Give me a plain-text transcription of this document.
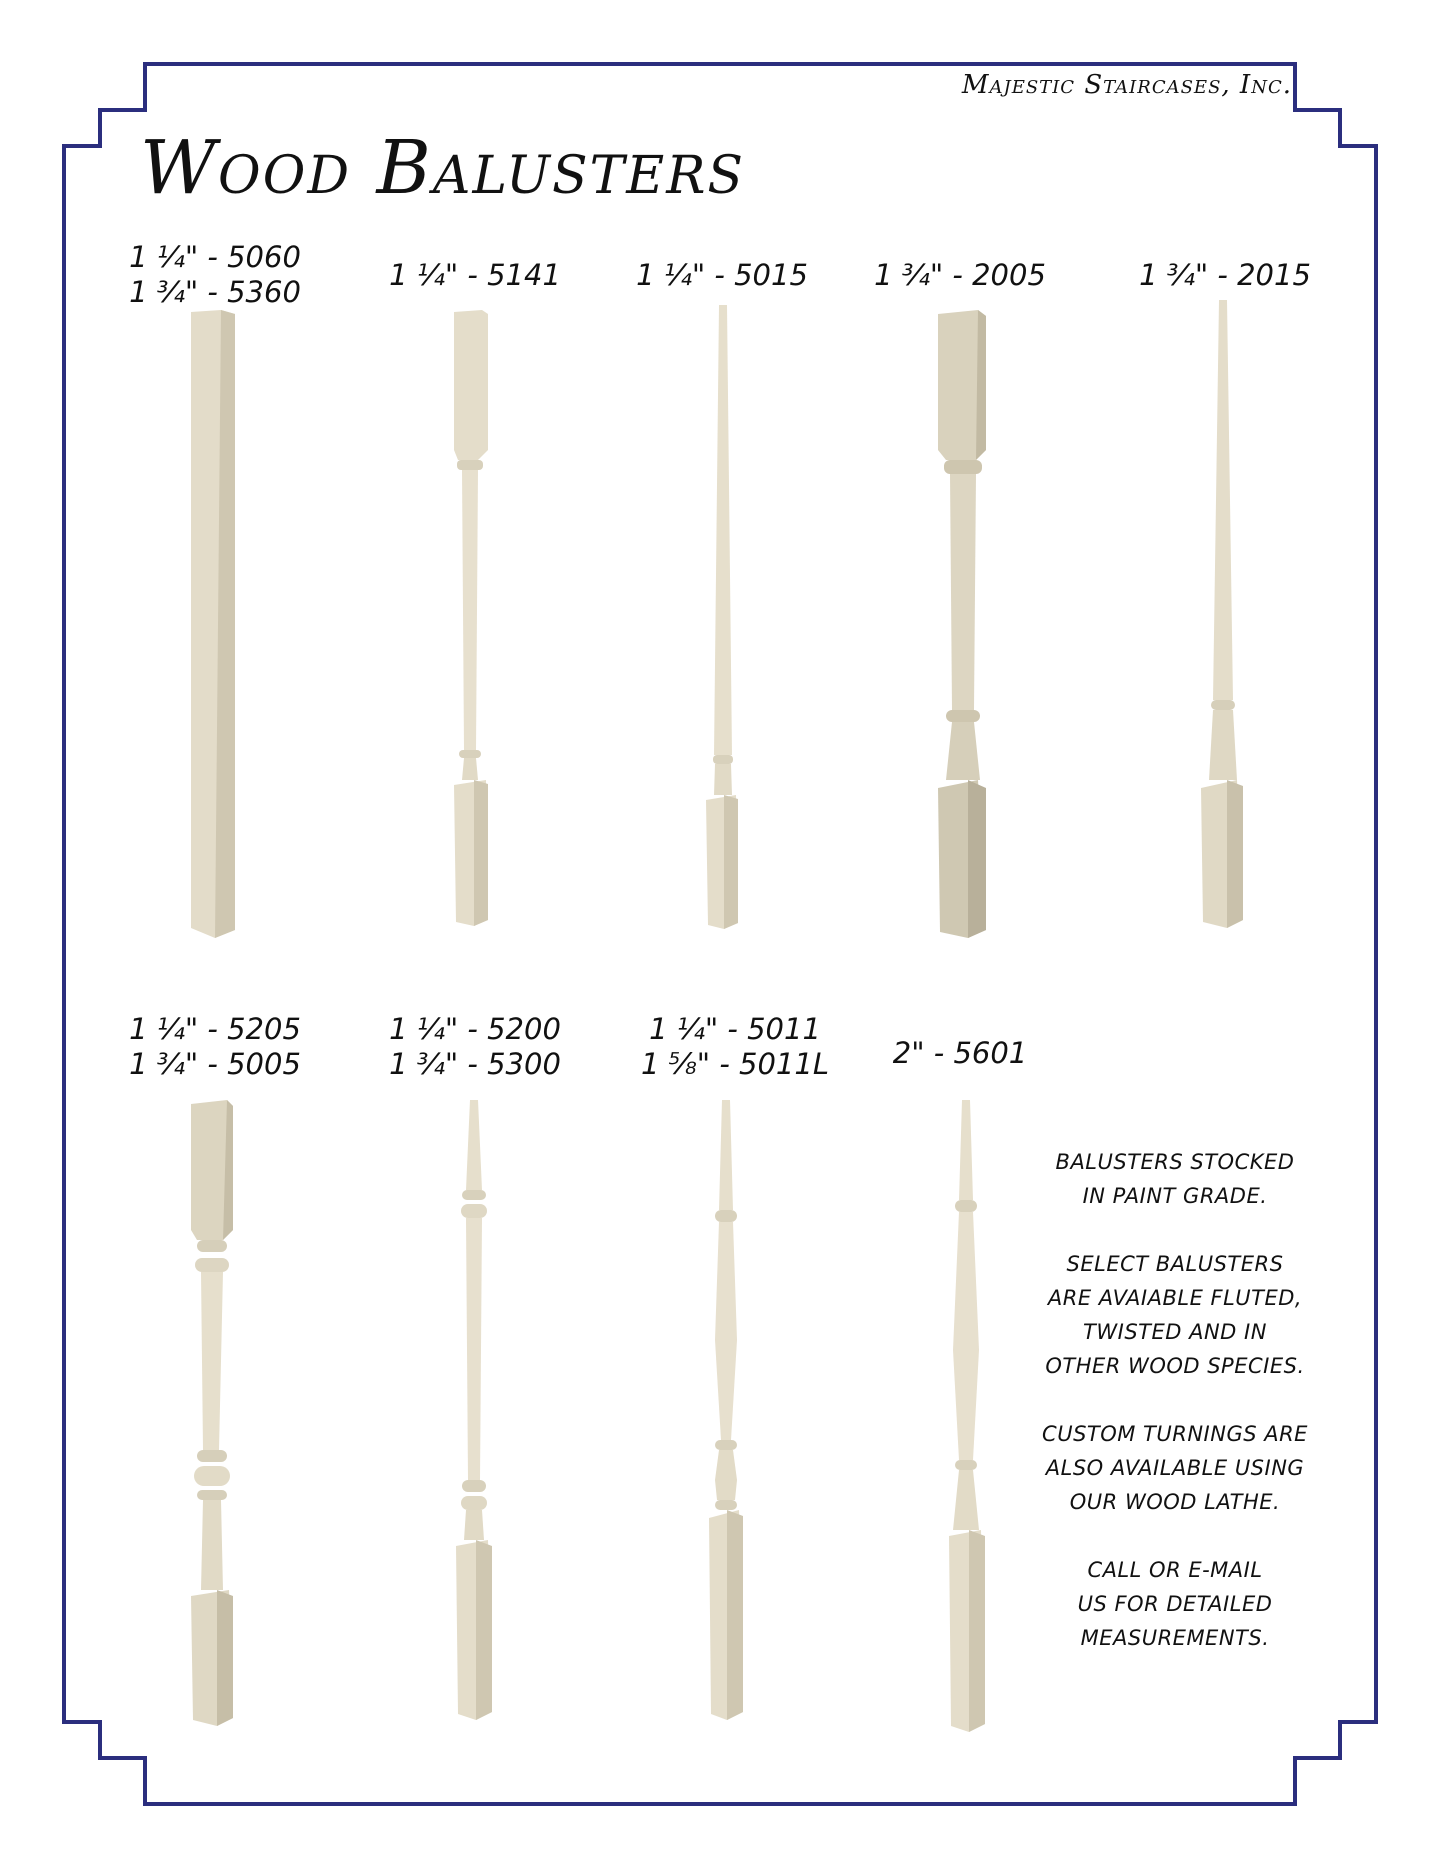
Majestic Staircases, Inc.
Wood Balusters
1 ¼" - 5060
1 ¾" - 5360	1 ¼" - 5141	1 ¼" - 5015	1 ¾" - 2005	1 ¾" - 2015
1 ¼" - 5205
1 ¾" - 5005
1 ¼" - 5200
1 ¾" - 5300
1 ¼" - 5011
1 ⅝" - 5011L	2" - 5601

BALUSTERS STOCKED
IN PAINT GRADE.

SELECT BALUSTERS
ARE AVAIABLE FLUTED,
TWISTED AND IN
OTHER WOOD SPECIES.

CUSTOM TURNINGS ARE
ALSO AVAILABLE USING
OUR WOOD LATHE.

CALL OR E-MAIL
US FOR DETAILED
MEASUREMENTS.
